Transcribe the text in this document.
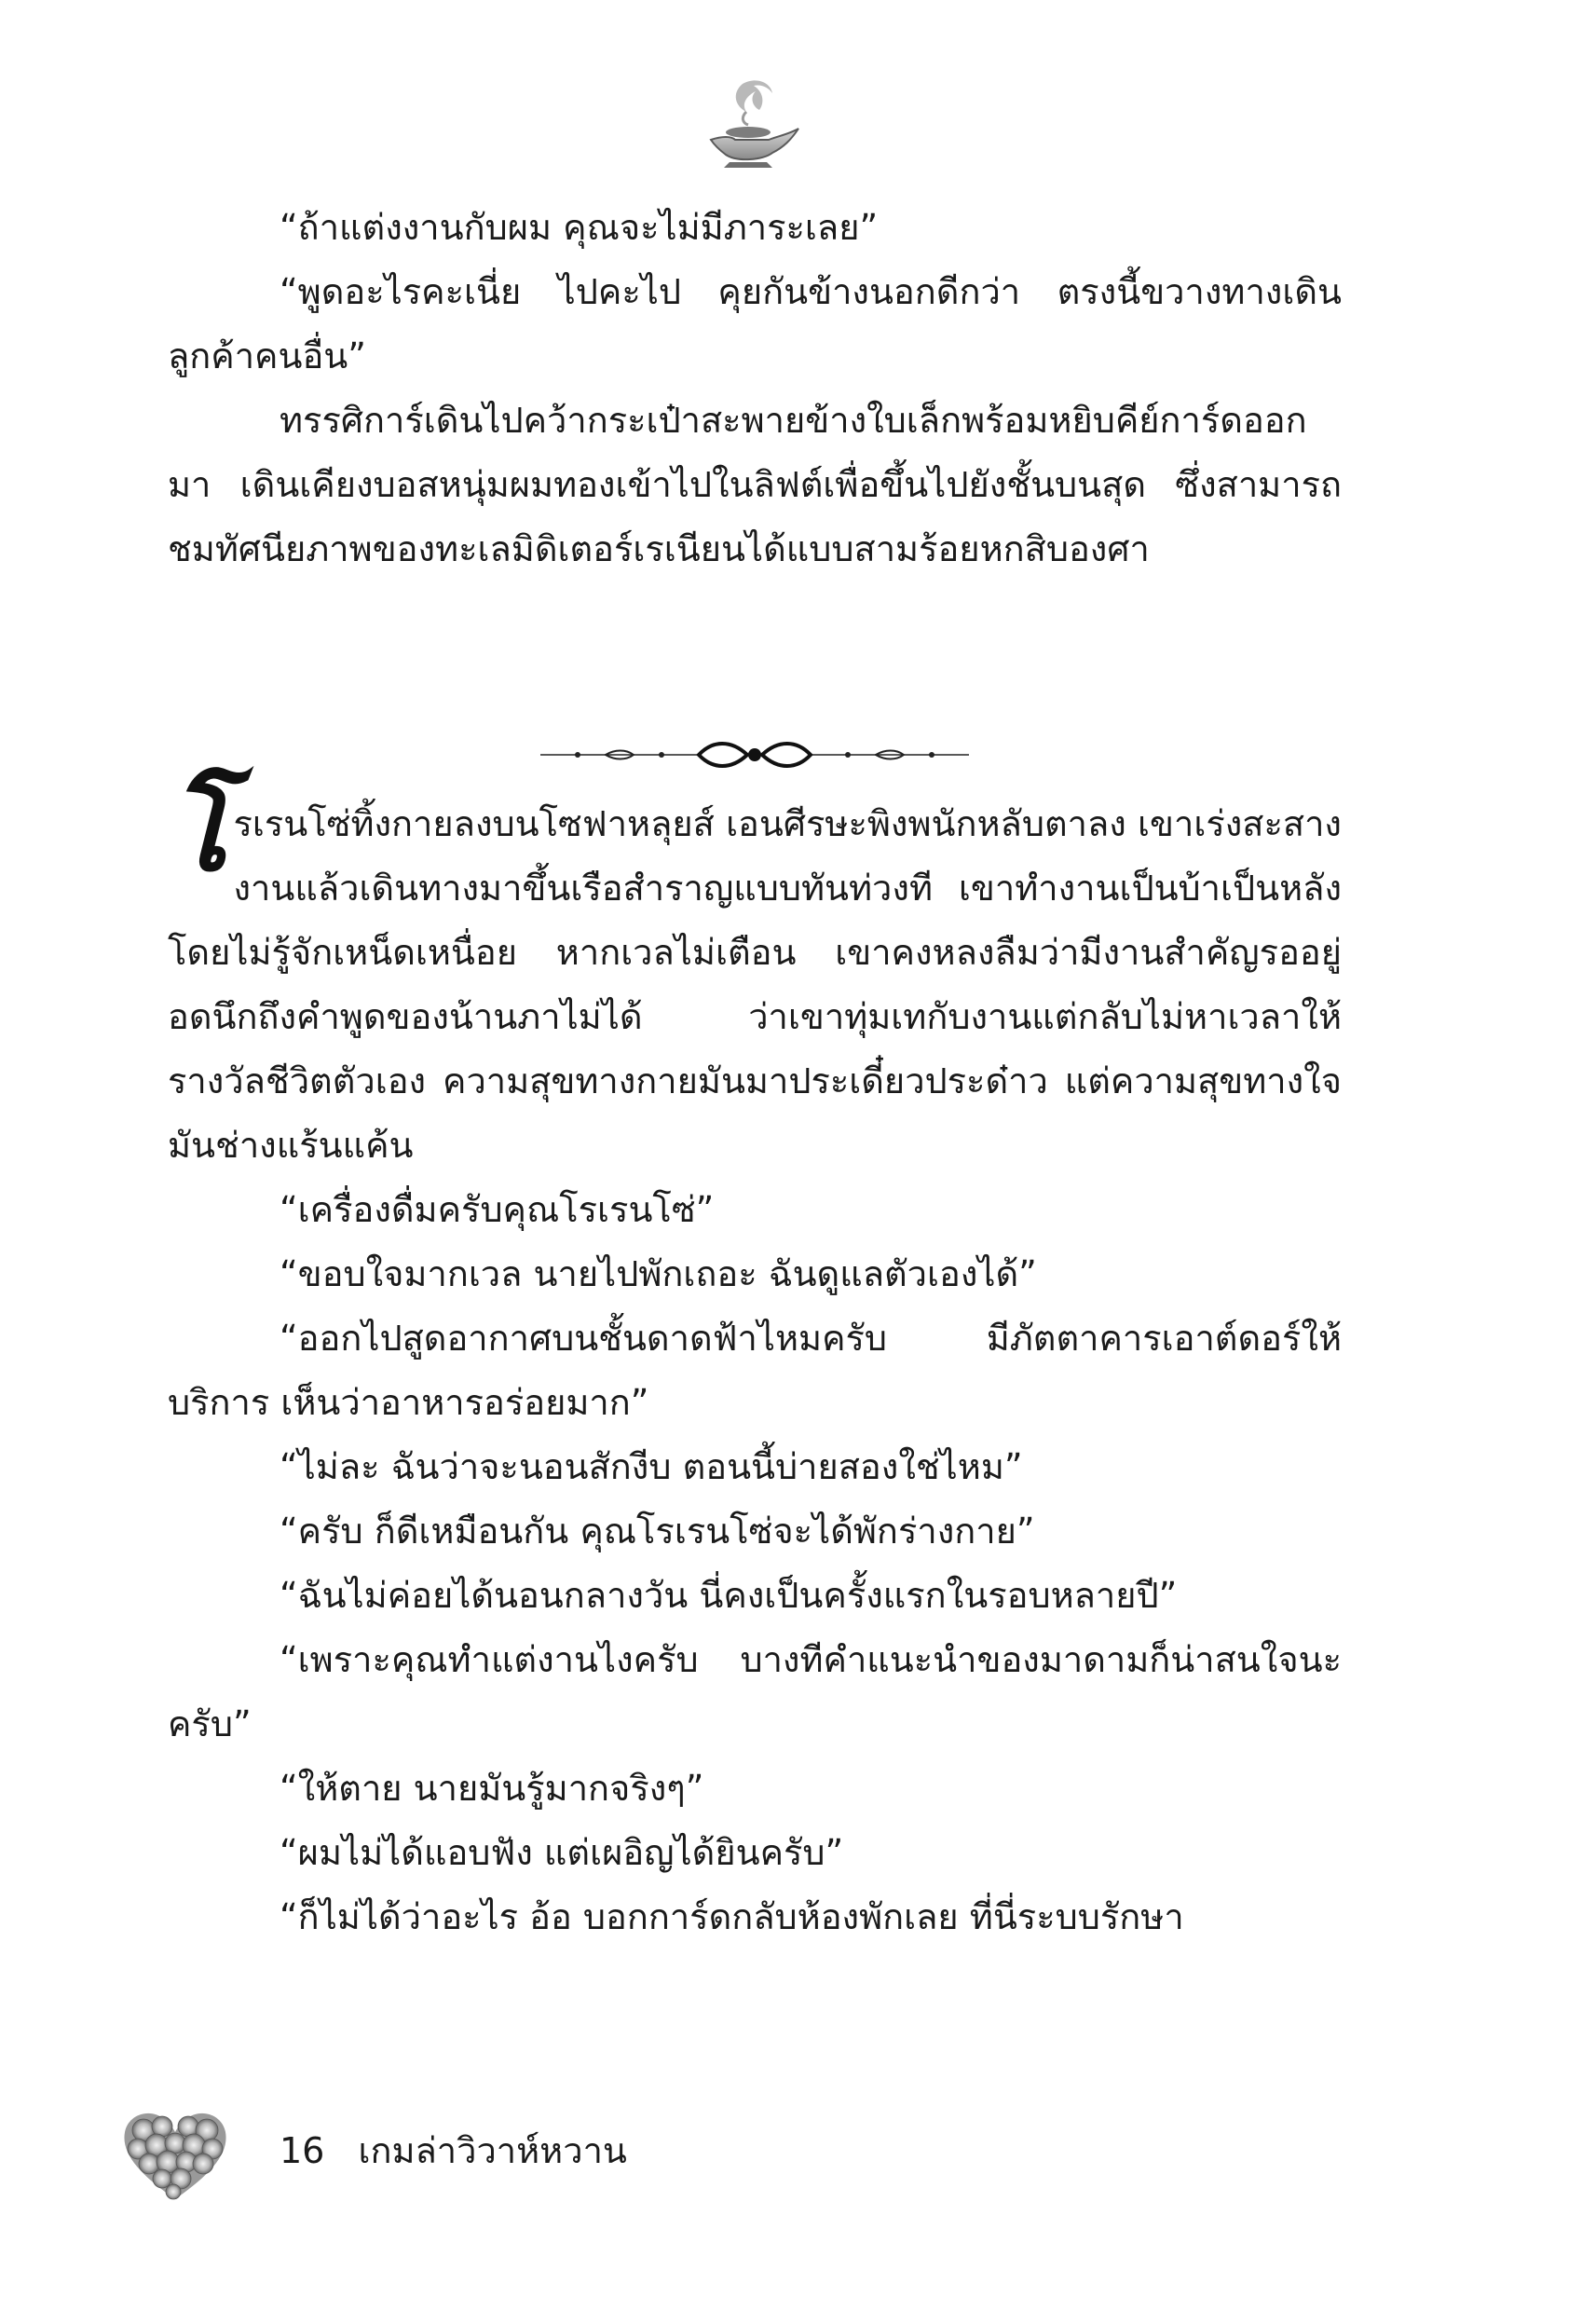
“ถ้าแต่งงานกับผม คุณจะไม่มีภาระเลย”

“พูดอะไรคะเนี่ย ไปคะไป คุยกันข้างนอกดีกว่า ตรงนี้ขวางทางเดินลูกค้าคนอื่น”

ทรรศิการ์เดินไปคว้ากระเป๋าสะพายข้างใบเล็กพร้อมหยิบคีย์การ์ดออกมา เดินเคียงบอสหนุ่มผมทองเข้าไปในลิฟต์เพื่อขึ้นไปยังชั้นบนสุด ซึ่งสามารถชมทัศนียภาพของทะเลมิดิเตอร์เรเนียนได้แบบสามร้อยหกสิบองศา

โรเรนโซ่ทิ้งกายลงบนโซฟาหลุยส์ เอนศีรษะพิงพนักหลับตาลง เขาเร่งสะสางงานแล้วเดินทางมาขึ้นเรือสำราญแบบทันท่วงที เขาทำงานเป็นบ้าเป็นหลังโดยไม่รู้จักเหน็ดเหนื่อย หากเวลไม่เตือน เขาคงหลงลืมว่ามีงานสำคัญรออยู่ อดนึกถึงคำพูดของน้านภาไม่ได้ ว่าเขาทุ่มเทกับงานแต่กลับไม่หาเวลาให้รางวัลชีวิตตัวเอง ความสุขทางกายมันมาประเดี๋ยวประด๋าว แต่ความสุขทางใจมันช่างแร้นแค้น

“เครื่องดื่มครับคุณโรเรนโซ่”

“ขอบใจมากเวล นายไปพักเถอะ ฉันดูแลตัวเองได้”

“ออกไปสูดอากาศบนชั้นดาดฟ้าไหมครับ มีภัตตาคารเอาต์ดอร์ให้บริการ เห็นว่าอาหารอร่อยมาก”

“ไม่ละ ฉันว่าจะนอนสักงีบ ตอนนี้บ่ายสองใช่ไหม”

“ครับ ก็ดีเหมือนกัน คุณโรเรนโซ่จะได้พักร่างกาย”

“ฉันไม่ค่อยได้นอนกลางวัน นี่คงเป็นครั้งแรกในรอบหลายปี”

“เพราะคุณทำแต่งานไงครับ บางทีคำแนะนำของมาดามก็น่าสนใจนะครับ”

“ให้ตาย นายมันรู้มากจริงๆ”

“ผมไม่ได้แอบฟัง แต่เผอิญได้ยินครับ”

“ก็ไม่ได้ว่าอะไร อ้อ บอกการ์ดกลับห้องพักเลย ที่นี่ระบบรักษา

16 เกมล่าวิวาห์หวาน
